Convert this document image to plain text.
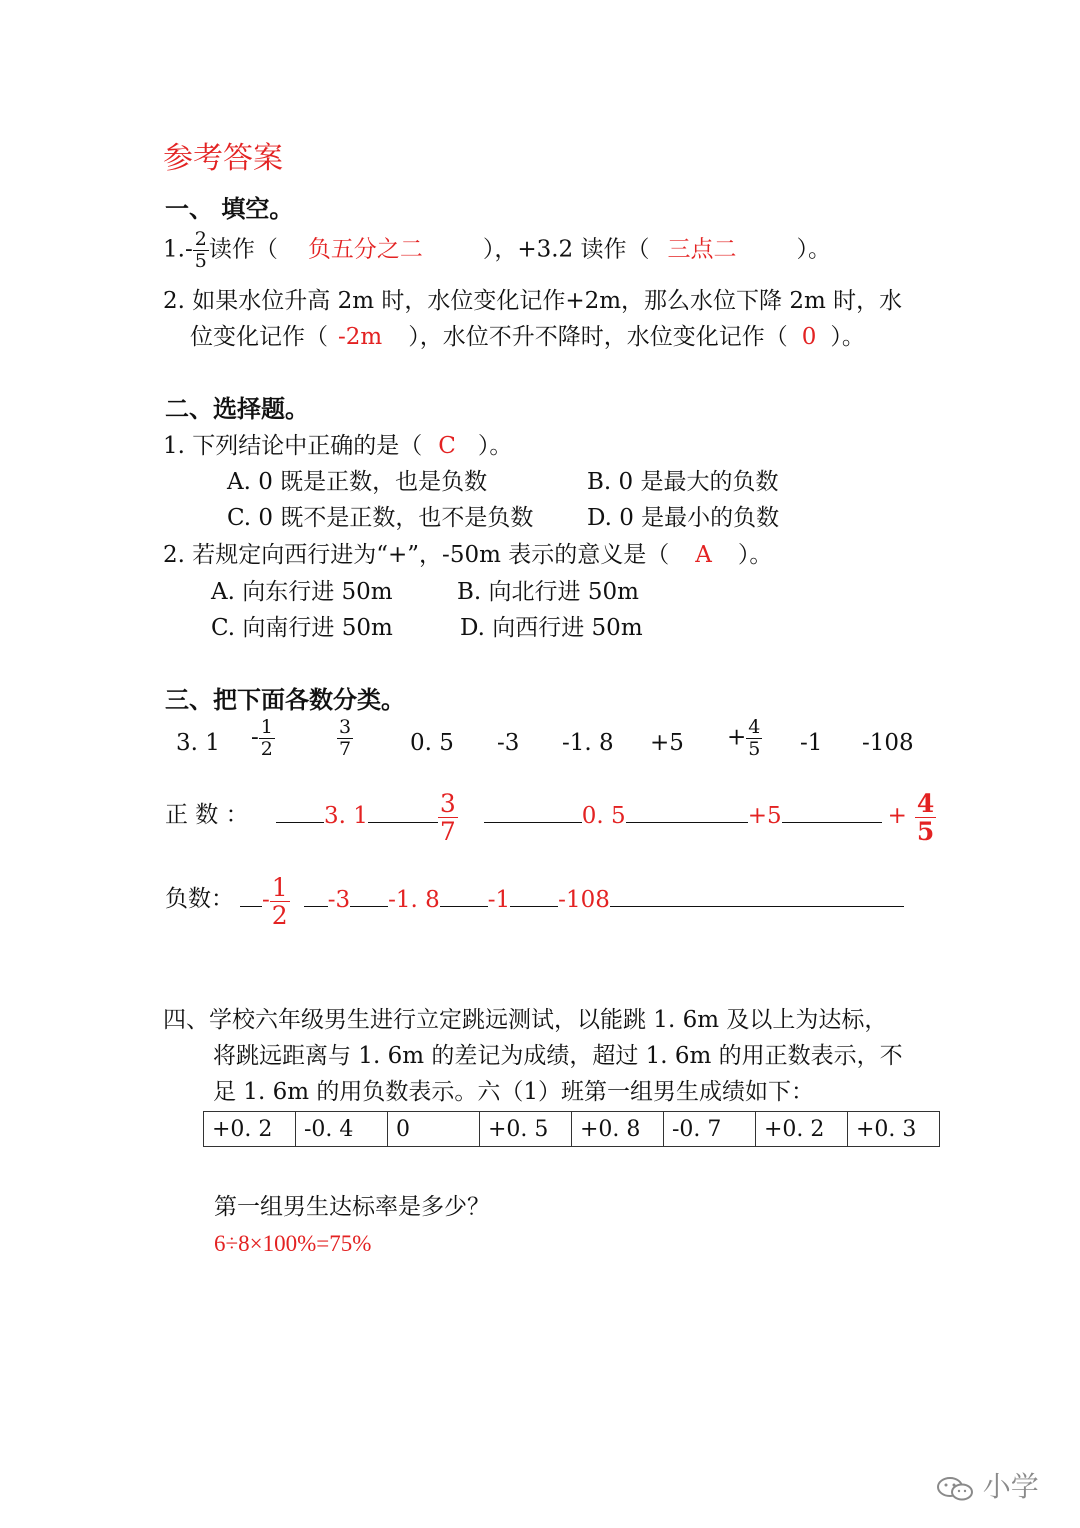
参考答案
一、 填空。
$1.- \frac{2}{5}$ 读作（ 负五分之二	），+3.2 读作（ 三点二	）。
2. 如果水位升高 2m 时，水位变化记作+2m，那么水位下降 2m 时，水
位变化记作（ -2m ），水位不升不降时，水位变化记作（ 0 ）。
二、选择题。
1. 下列结论中正确的是（ C ）。
A. 0 既是正数，也是负数	B. 0 是最大的负数
C. 0 既不是正数，也不是负数 D. 0 是最小的负数
2. 若规定向西行进为“+”，-50m 表示的意义是（ A ）。
A. 向东行进 50m	B. 向北行进 50m
C. 向南行进 50m	D. 向西行进 50m
三、把下面各数分类。
3. $1 - \frac{1}{2}$	$\frac{3}{7} 0$. 5 -3 -1. $8 +5 + \frac{4}{5} -1$ -108
正 数 ：	3. 1	$\frac{3}{7}$	0. 5	+5	+ $\frac{4}{5}$
负数：	- $\frac{1}{2} -3$ -1. 8 -1 -108
四、学校六年级男生进行立定跳远测试，以能跳 1. 6m 及以上为达标，
将跳远距离与 1. 6m 的差记为成绩，超过 1. 6m 的用正数表示，不
足 1. 6m 的用负数表示。六（1）班第一组男生成绩如下：
+0. 2	-0. 4	0	+0. 5	+0. 8	-0. 7	+0. 2	+0. 3
第一组男生达标率是多少？
6÷8×100%=75%
小学
